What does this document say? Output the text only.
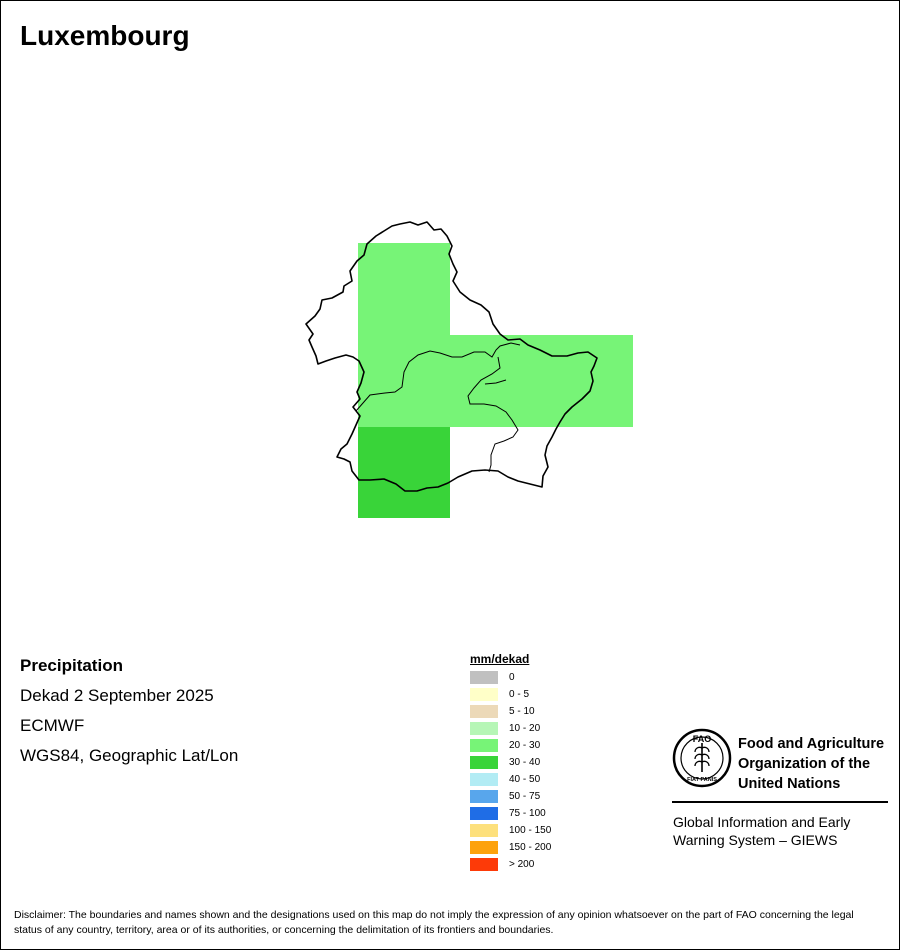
Luxembourg
Precipitation
Dekad 2 September 2025
ECMWF
WGS84, Geographic Lat/Lon
mm/dekad
0
0 - 5
5 - 10
10 - 20
20 - 30
30 - 40
40 - 50
50 - 75
75 - 100
100 - 150
150 - 200
> 200
FAO
FIAT PANIS
Food and Agriculture
Organization of the
United Nations
Global Information and Early
Warning System – GIEWS
Disclaimer: The boundaries and names shown and the designations used on this map do not imply the expression of any opinion whatsoever on the part of FAO concerning the legal status of any country, territory, area or of its authorities, or concerning the delimitation of its frontiers and boundaries.
